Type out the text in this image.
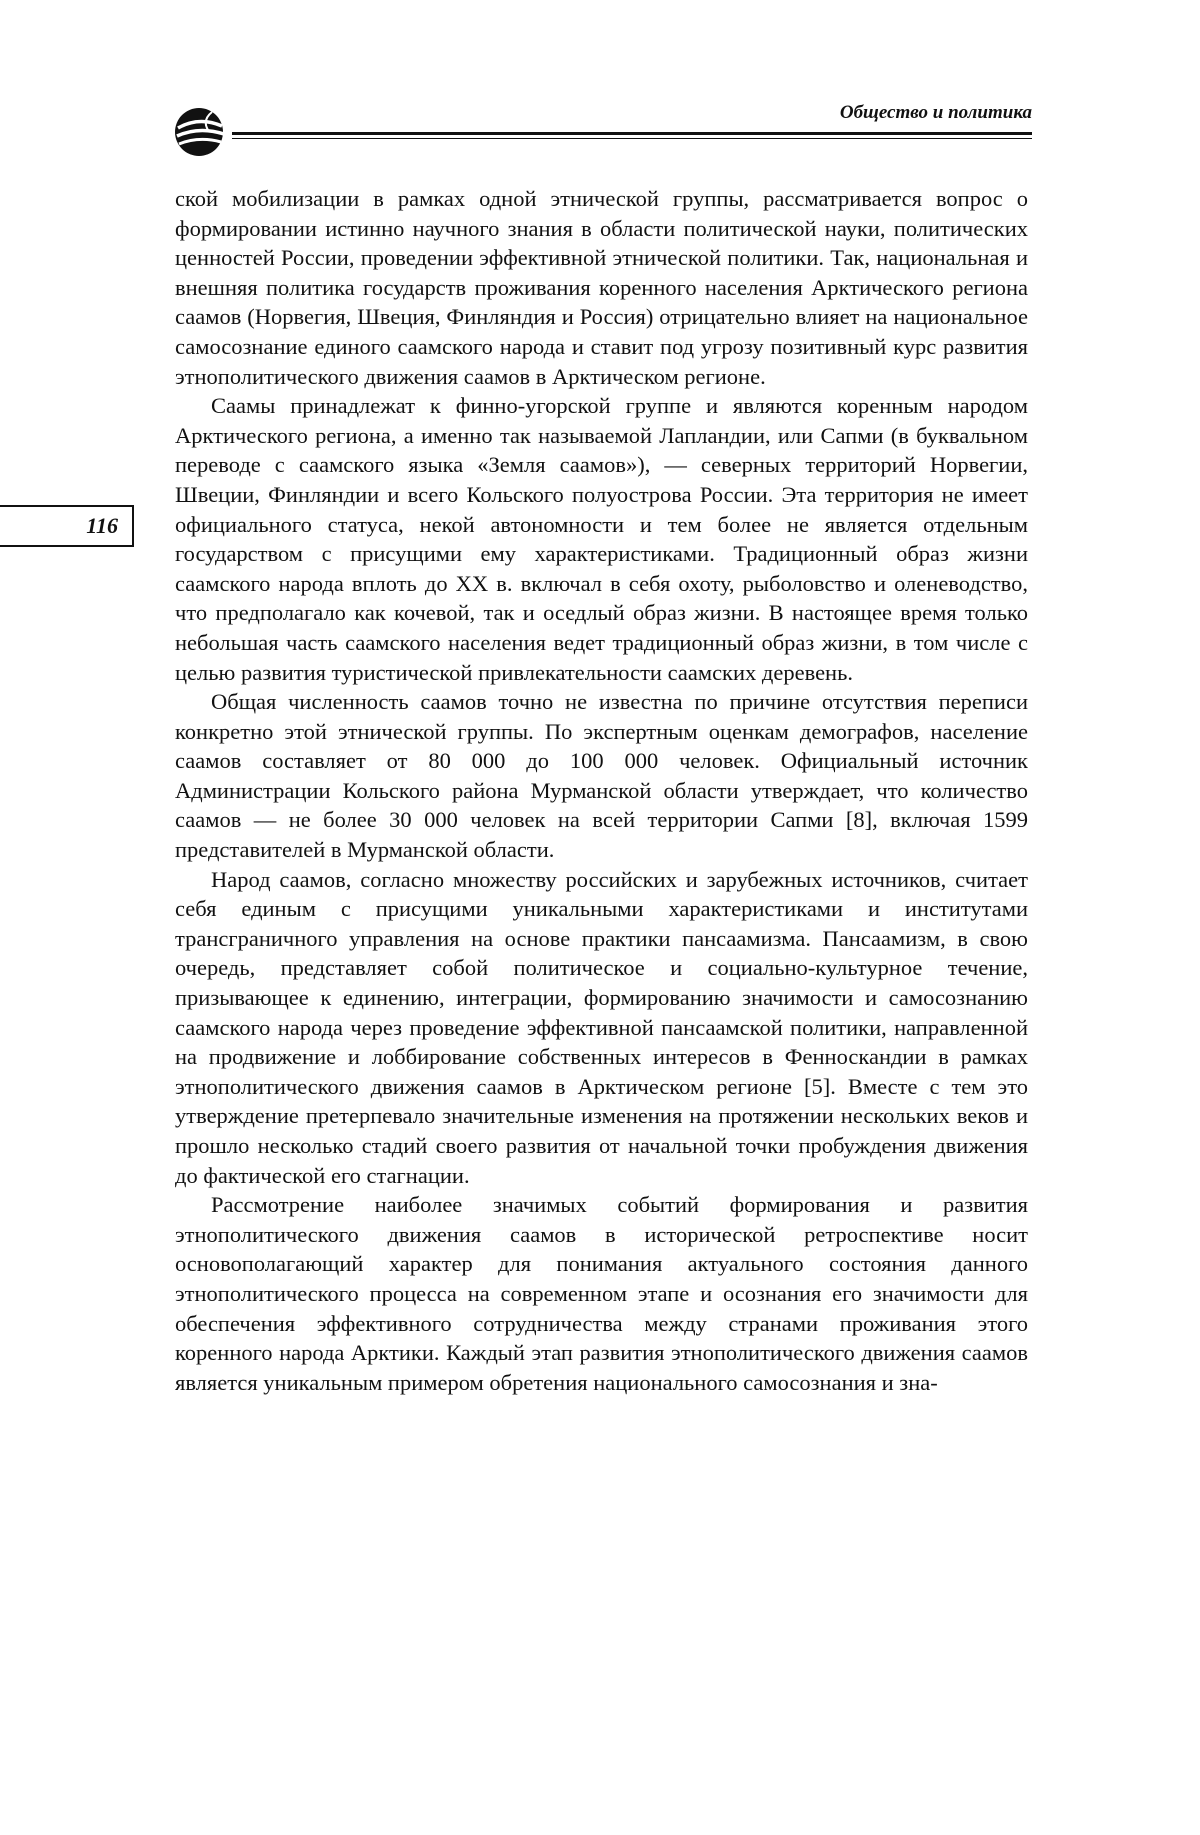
Общество и политика
116

ской мобилизации в рамках одной этнической группы, рассматривается вопрос о формировании истинно научного знания в области политической науки, политических ценностей России, проведении эффективной этнической политики. Так, национальная и внешняя политика государств проживания коренного населения Арктического региона саамов (Норвегия, Швеция, Финляндия и Россия) отрицательно влияет на национальное самосознание единого саамского народа и ставит под угрозу позитивный курс развития этнополитического движения саамов в Арктическом регионе.

Саамы принадлежат к финно-угорской группе и являются коренным народом Арктического региона, а именно так называемой Лапландии, или Сапми (в буквальном переводе с саамского языка «Земля саамов»), — северных территорий Норвегии, Швеции, Финляндии и всего Кольского полуострова России. Эта территория не имеет официального статуса, некой автономности и тем более не является отдельным государством с присущими ему характеристиками. Традиционный образ жизни саамского народа вплоть до XX в. включал в себя охоту, рыболовство и оленеводство, что предполагало как кочевой, так и оседлый образ жизни. В настоящее время только небольшая часть саамского населения ведет традиционный образ жизни, в том числе с целью развития туристической привлекательности саамских деревень.

Общая численность саамов точно не известна по причине отсутствия переписи конкретно этой этнической группы. По экспертным оценкам демографов, население саамов составляет от 80 000 до 100 000 человек. Официальный источник Администрации Кольского района Мурманской области утверждает, что количество саамов — не более 30 000 человек на всей территории Сапми [8], включая 1599 представителей в Мурманской области.

Народ саамов, согласно множеству российских и зарубежных источников, считает себя единым с присущими уникальными характеристиками и институтами трансграничного управления на основе практики пансаамизма. Пансаамизм, в свою очередь, представляет собой политическое и социально-культурное течение, призывающее к единению, интеграции, формированию значимости и самосознанию саамского народа через проведение эффективной пансаамской политики, направленной на продвижение и лоббирование собственных интересов в Фенноскандии в рамках этнополитического движения саамов в Арктическом регионе [5]. Вместе с тем это утверждение претерпевало значительные изменения на протяжении нескольких веков и прошло несколько стадий своего развития от начальной точки пробуждения движения до фактической его стагнации.

Рассмотрение наиболее значимых событий формирования и развития этнополитического движения саамов в исторической ретроспективе носит основополагающий характер для понимания актуального состояния данного этнополитического процесса на современном этапе и осознания его значимости для обеспечения эффективного сотрудничества между странами проживания этого коренного народа Арктики. Каждый этап развития этнополитического движения саамов является уникальным примером обретения национального самосознания и зна-
